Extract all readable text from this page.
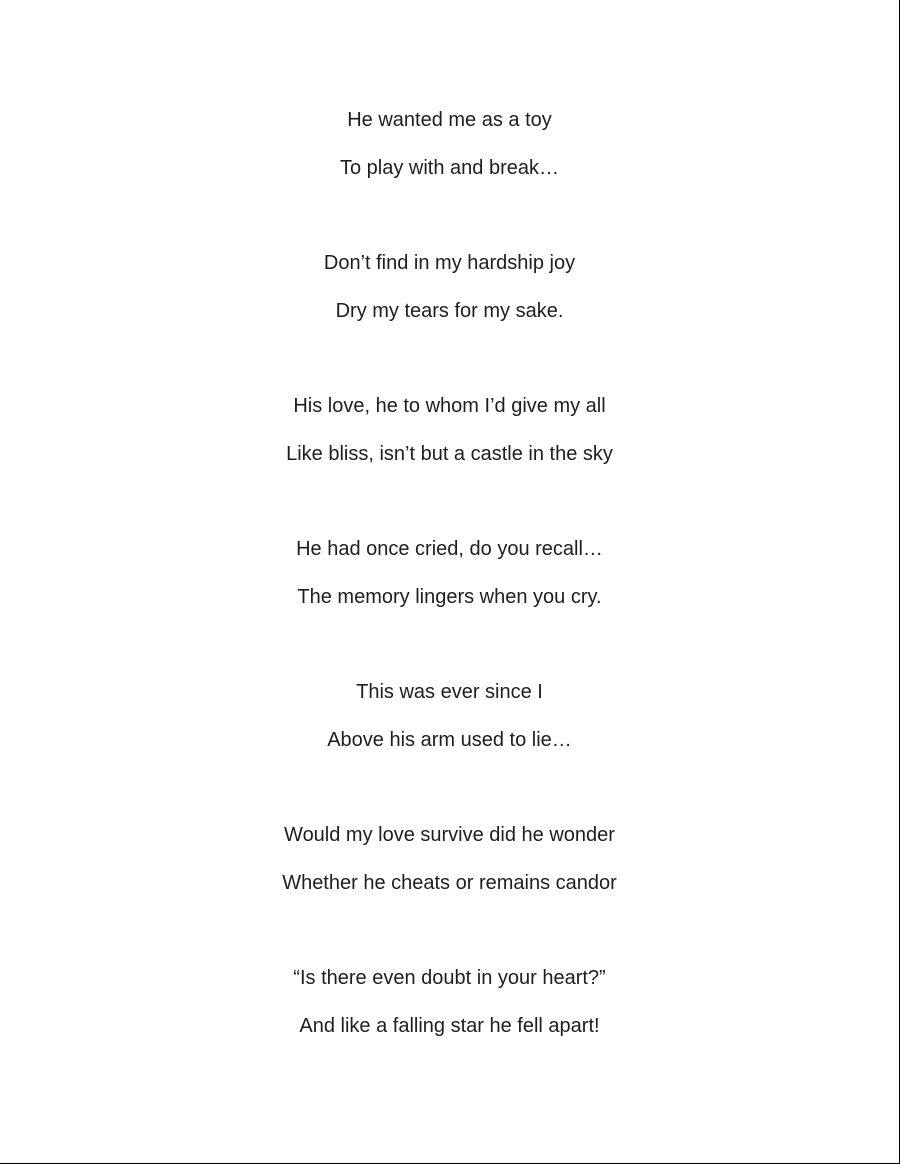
He wanted me as a toy
To play with and break…
Don’t find in my hardship joy
Dry my tears for my sake.
His love, he to whom I’d give my all
Like bliss, isn’t but a castle in the sky
He had once cried, do you recall…
The memory lingers when you cry.
This was ever since I
Above his arm used to lie…
Would my love survive did he wonder
Whether he cheats or remains candor
“Is there even doubt in your heart?”
And like a falling star he fell apart!
